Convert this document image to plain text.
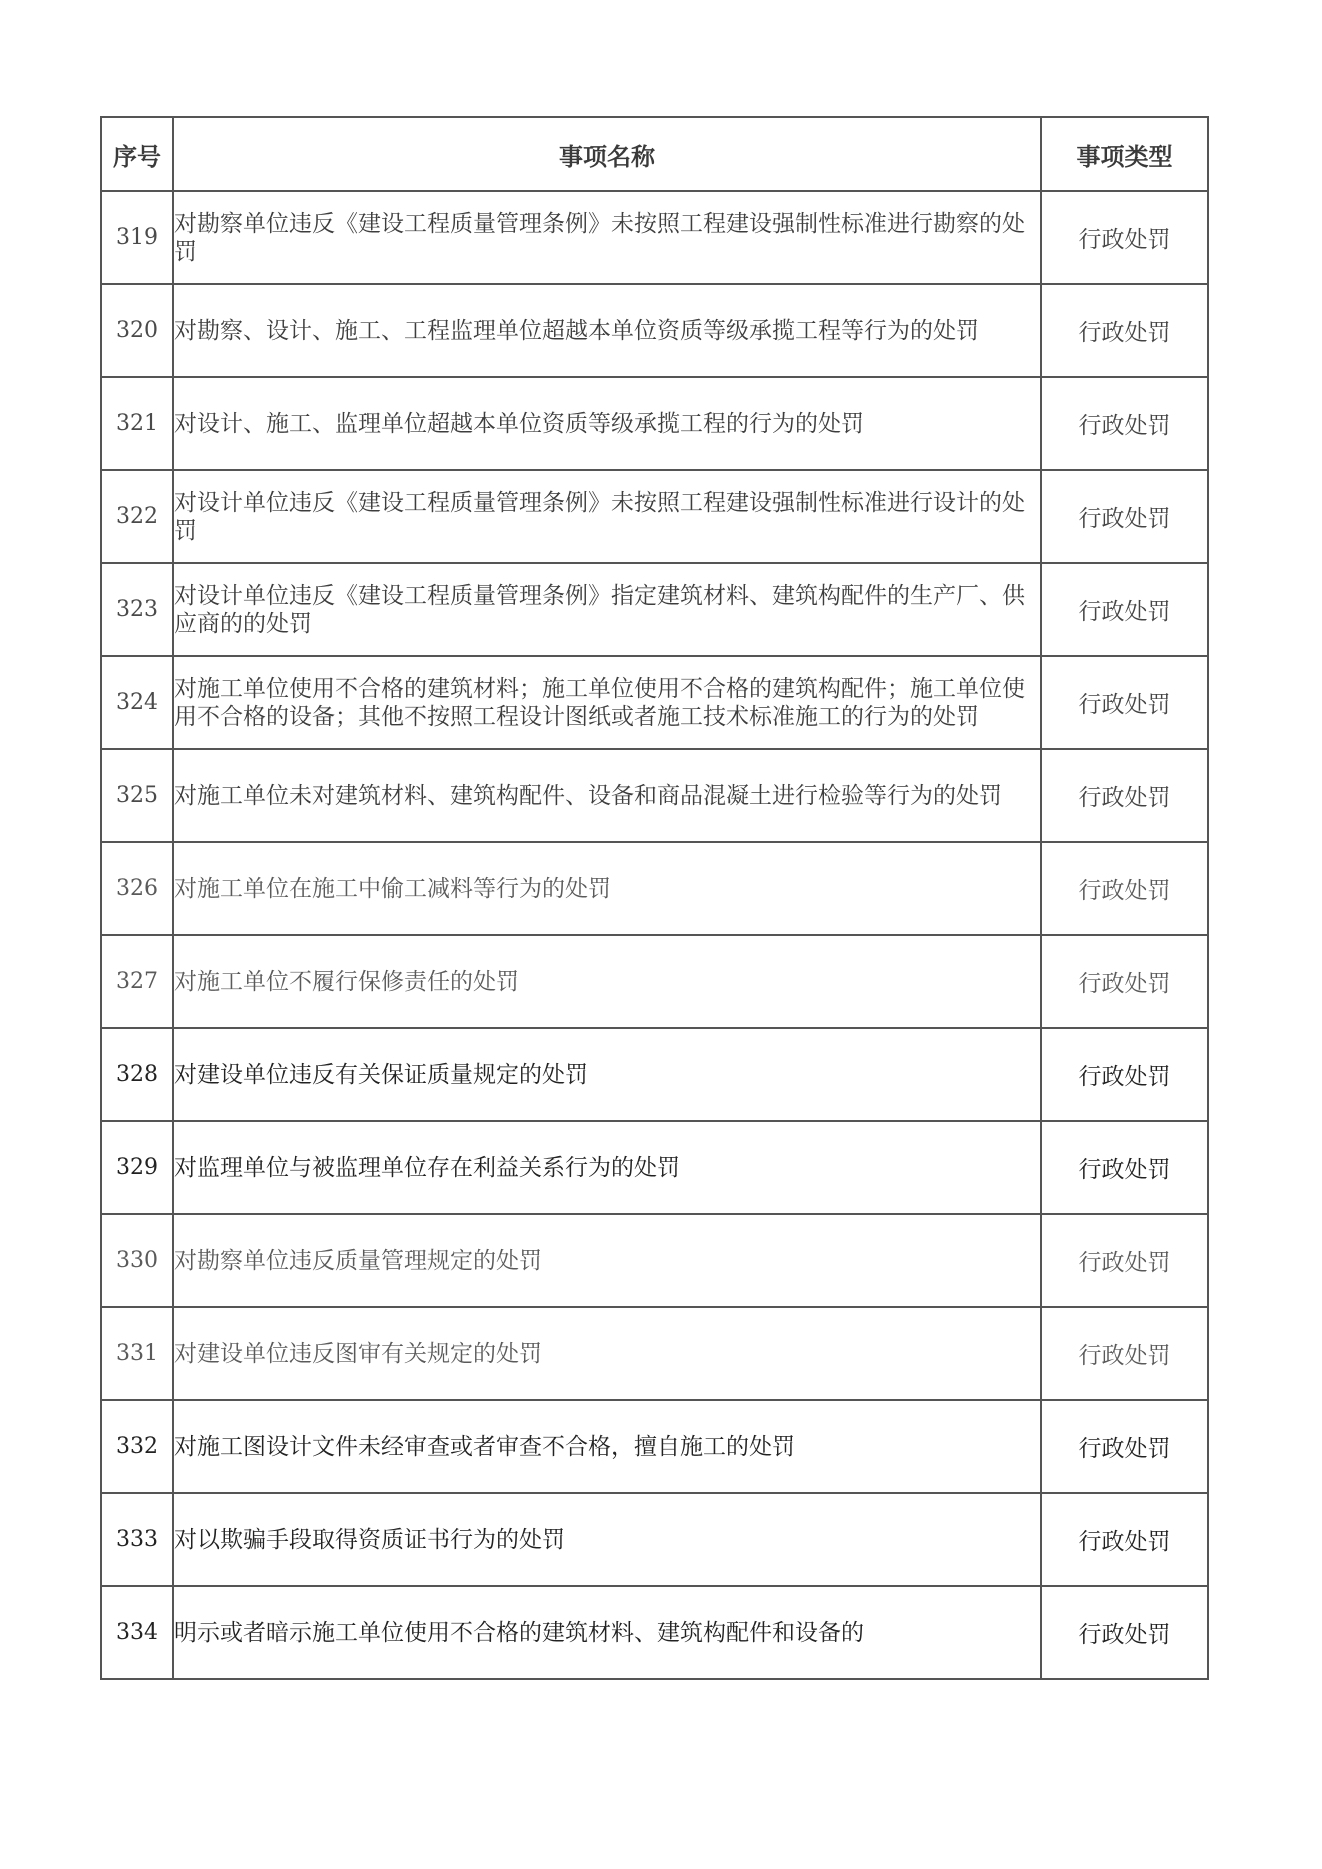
序号	事项名称	事项类型
319	对勘察单位违反《建设工程质量管理条例》未按照工程建设强制性标准进行勘察的处罚	行政处罚
320	对勘察、设计、施工、工程监理单位超越本单位资质等级承揽工程等行为的处罚	行政处罚
321	对设计、施工、监理单位超越本单位资质等级承揽工程的行为的处罚	行政处罚
322	对设计单位违反《建设工程质量管理条例》未按照工程建设强制性标准进行设计的处罚	行政处罚
323	对设计单位违反《建设工程质量管理条例》指定建筑材料、建筑构配件的生产厂、供应商的的处罚	行政处罚
324	对施工单位使用不合格的建筑材料；施工单位使用不合格的建筑构配件；施工单位使用不合格的设备；其他不按照工程设计图纸或者施工技术标准施工的行为的处罚	行政处罚
325	对施工单位未对建筑材料、建筑构配件、设备和商品混凝土进行检验等行为的处罚	行政处罚
326	对施工单位在施工中偷工减料等行为的处罚	行政处罚
327	对施工单位不履行保修责任的处罚	行政处罚
328	对建设单位违反有关保证质量规定的处罚	行政处罚
329	对监理单位与被监理单位存在利益关系行为的处罚	行政处罚
330	对勘察单位违反质量管理规定的处罚	行政处罚
331	对建设单位违反图审有关规定的处罚	行政处罚
332	对施工图设计文件未经审查或者审查不合格，擅自施工的处罚	行政处罚
333	对以欺骗手段取得资质证书行为的处罚	行政处罚
334	明示或者暗示施工单位使用不合格的建筑材料、建筑构配件和设备的	行政处罚
